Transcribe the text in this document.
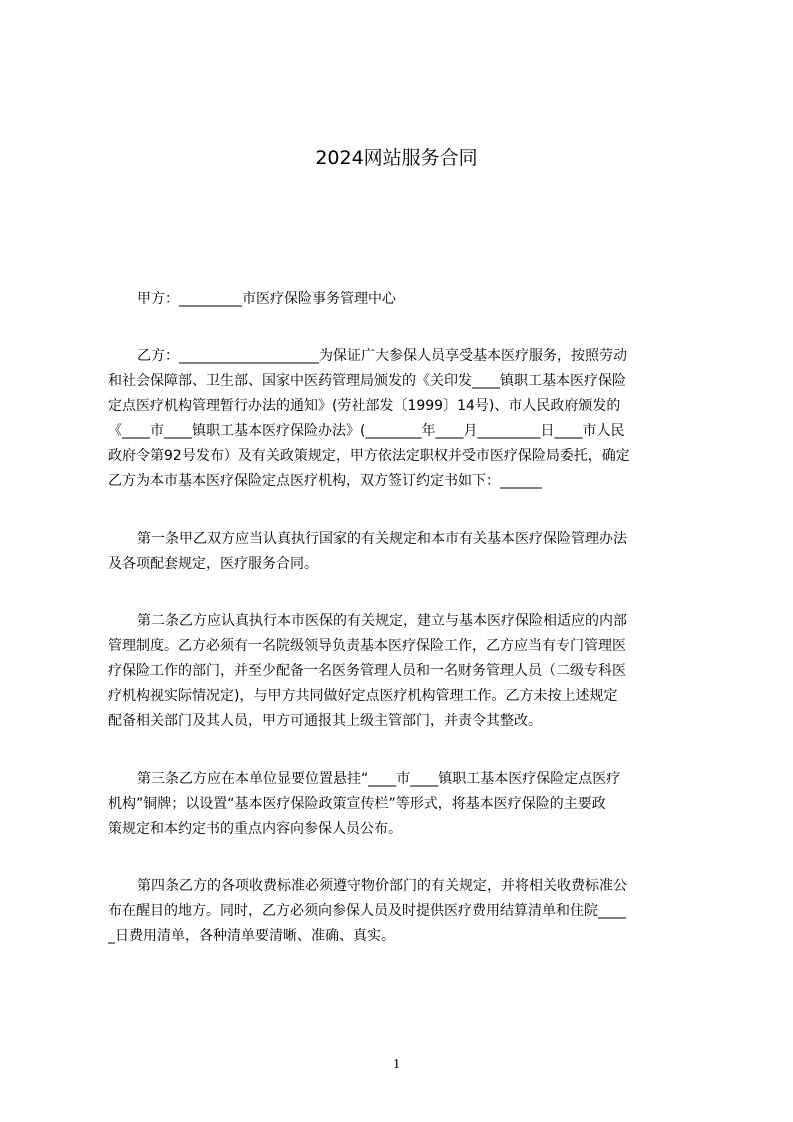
2024网站服务合同

甲方：_________市医疗保险事务管理中心

乙方：____________________为保证广大参保人员享受基本医疗服务，按照劳动

和社会保障部、卫生部、国家中医药管理局颁发的《关印发____镇职工基本医疗保险

定点医疗机构管理暂行办法的通知》(劳社部发〔1999〕14号)、市人民政府颁发的

《____市____镇职工基本医疗保险办法》(________年____月_________日____市人民

政府令第92号发布）及有关政策规定，甲方依法定职权并受市医疗保险局委托，确定

乙方为本市基本医疗保险定点医疗机构，双方签订约定书如下：______

第一条甲乙双方应当认真执行国家的有关规定和本市有关基本医疗保险管理办法

及各项配套规定，医疗服务合同。

第二条乙方应认真执行本市医保的有关规定，建立与基本医疗保险相适应的内部

管理制度。乙方必须有一名院级领导负责基本医疗保险工作，乙方应当有专门管理医

疗保险工作的部门，并至少配备一名医务管理人员和一名财务管理人员（二级专科医

疗机构视实际情况定)，与甲方共同做好定点医疗机构管理工作。乙方未按上述规定

配备相关部门及其人员，甲方可通报其上级主管部门，并责令其整改。

第三条乙方应在本单位显要位置悬挂“____市____镇职工基本医疗保险定点医疗

机构”铜牌；以设置“基本医疗保险政策宣传栏”等形式，将基本医疗保险的主要政

策规定和本约定书的重点内容向参保人员公布。

第四条乙方的各项收费标准必须遵守物价部门的有关规定，并将相关收费标准公

布在醒目的地方。同时，乙方必须向参保人员及时提供医疗费用结算清单和住院____

_日费用清单，各种清单要清晰、准确、真实。

1
